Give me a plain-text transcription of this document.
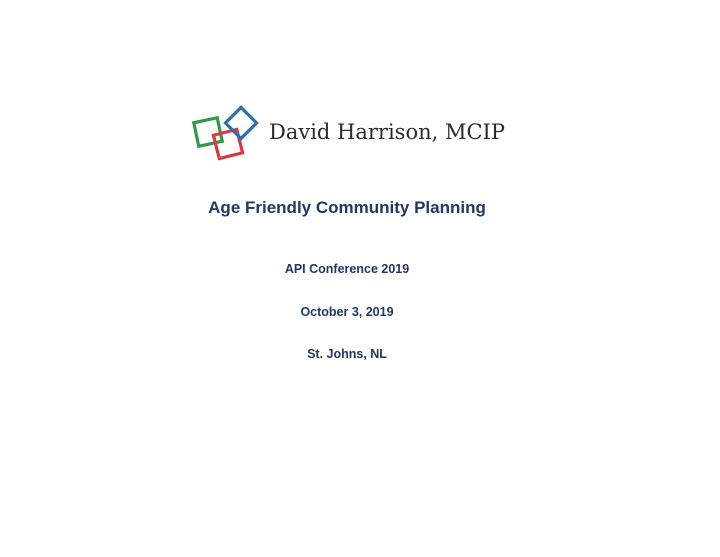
David Harrison, MCIP
Age Friendly Community Planning
API Conference 2019
October 3, 2019
St. Johns, NL
